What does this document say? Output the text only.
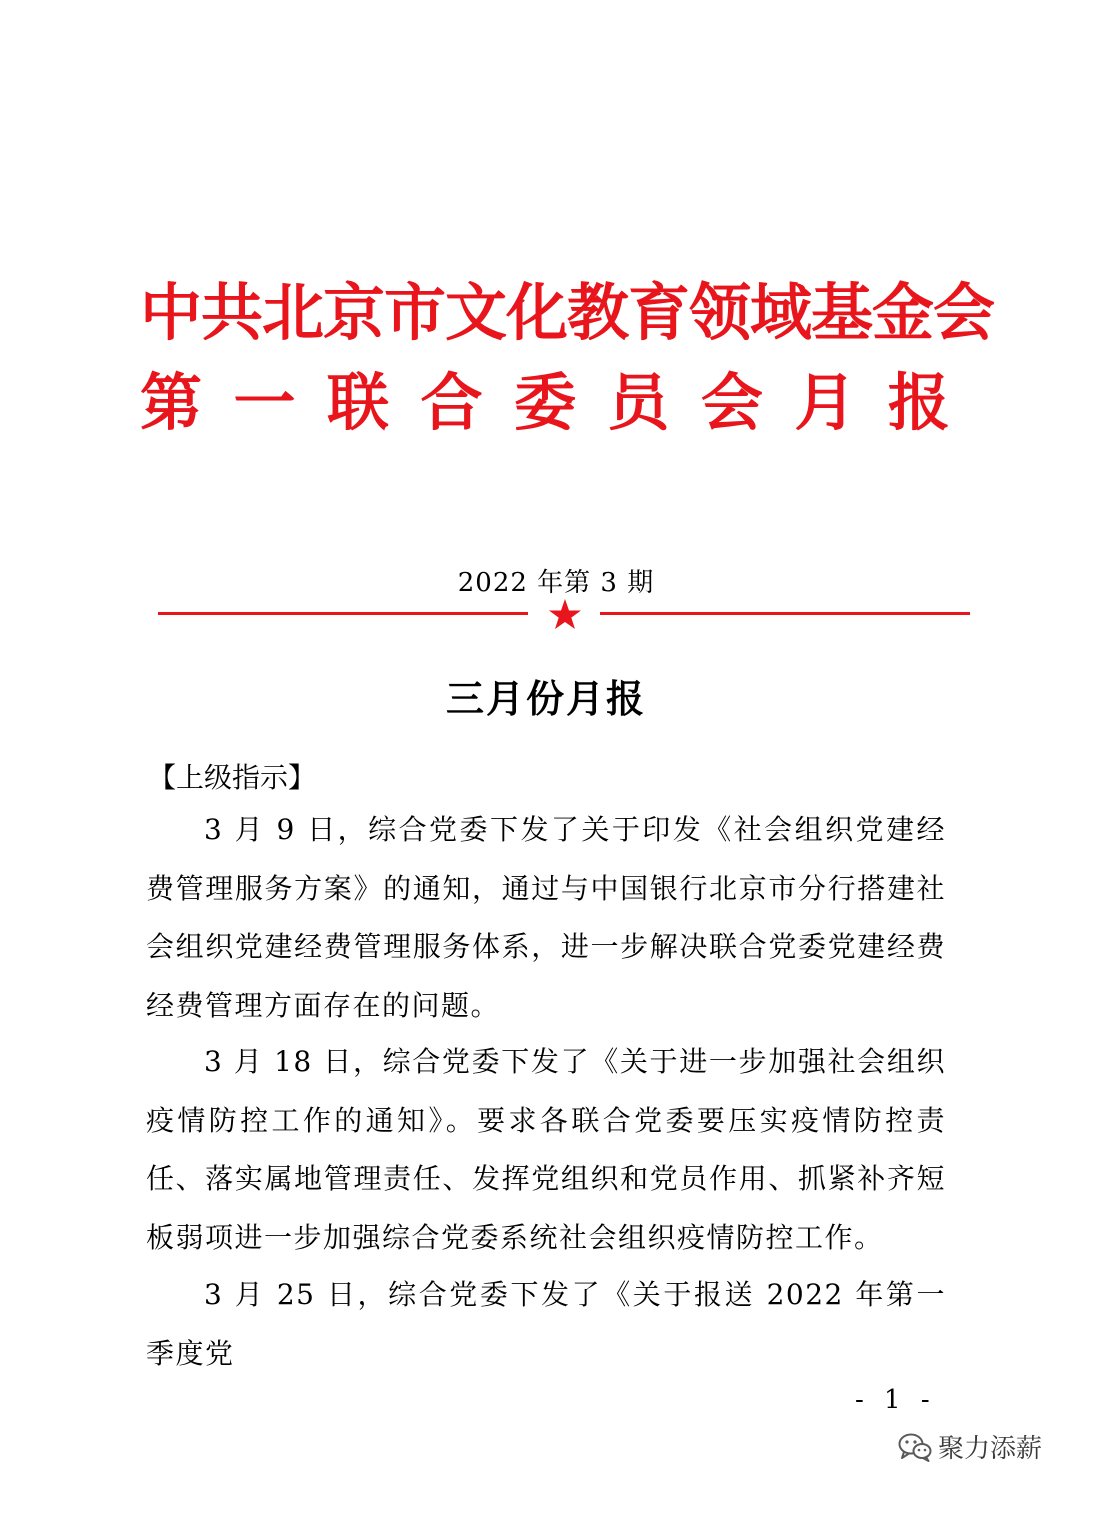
中共北京市文化教育领域基金会
第 一 联 合 委 员 会 月 报
2022 年第 3 期
三月份月报
【上级指示】
3 月 9 日，综合党委下发了关于印发《社会组织党建经费管理服务方案》的通知，通过与中国银行北京市分行搭建社会组织党建经费管理服务体系，进一步解决联合党委党建经费经费管理方面存在的问题。
3 月 18 日，综合党委下发了《关于进一步加强社会组织疫情防控工作的通知》。要求各联合党委要压实疫情防控责任、落实属地管理责任、发挥党组织和党员作用、抓紧补齐短板弱项进一步加强综合党委系统社会组织疫情防控工作。
3 月 25 日，综合党委下发了《关于报送 2022 年第一季度党
- 1 -
聚力添薪
